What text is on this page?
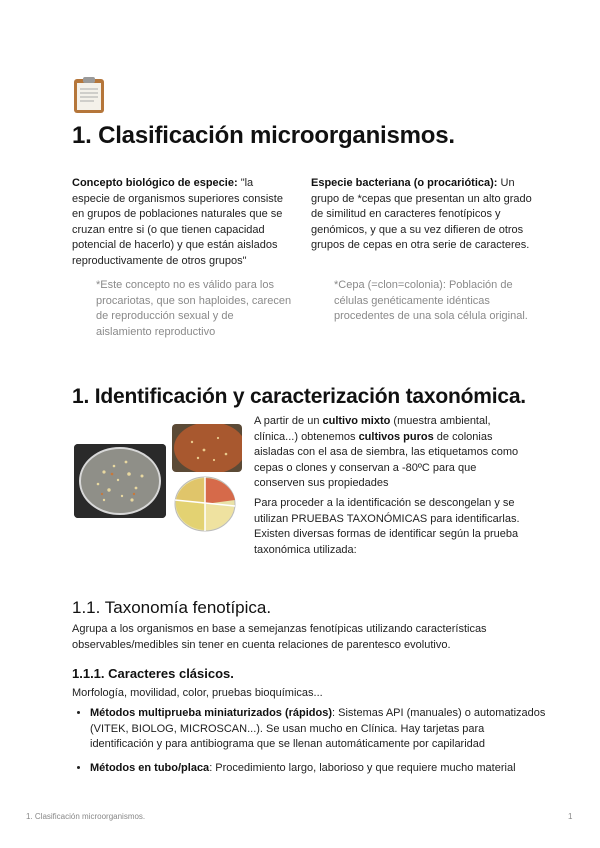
1. Clasificación microorganismos.
Concepto biológico de especie: "la especie de organismos superiores consiste en grupos de poblaciones naturales que se cruzan entre si (o que tienen capacidad potencial de hacerlo) y que están aislados reproductivamente de otros grupos"
*Este concepto no es válido para los procariotas, que son haploides, carecen de reproducción sexual y de aislamiento reproductivo
Especie bacteriana (o procariótica): Un grupo de *cepas que presentan un alto grado de similitud en caracteres fenotípicos y genómicos, y que a su vez difieren de otros grupos de cepas en otra serie de caracteres.
*Cepa (=clon=colonia): Población de células genéticamente idénticas procedentes de una sola célula original.
1. Identificación y caracterización taxonómica.
A partir de un cultivo mixto (muestra ambiental, clínica...) obtenemos cultivos puros de colonias aisladas con el asa de siembra, las etiquetamos como cepas o clones y conservan a -80ºC para que conserven sus propiedades
Para proceder a la identificación se descongelan y se utilizan PRUEBAS TAXONÓMICAS para identificarlas. Existen diversas formas de identificar según la prueba taxonómica utilizada:
1.1. Taxonomía fenotípica.
Agrupa a los organismos en base a semejanzas fenotípicas utilizando características observables/medibles sin tener en cuenta relaciones de parentesco evolutivo.
1.1.1. Caracteres clásicos.
Morfología, movilidad, color, pruebas bioquímicas...
• Métodos multiprueba miniaturizados (rápidos): Sistemas API (manuales) o automatizados (VITEK, BIOLOG, MICROSCAN...). Se usan mucho en Clínica. Hay tarjetas para identificación y para antibiograma que se llenan automáticamente por capilaridad
• Métodos en tubo/placa: Procedimiento largo, laborioso y que requiere mucho material
1. Clasificación microorganismos.	1
